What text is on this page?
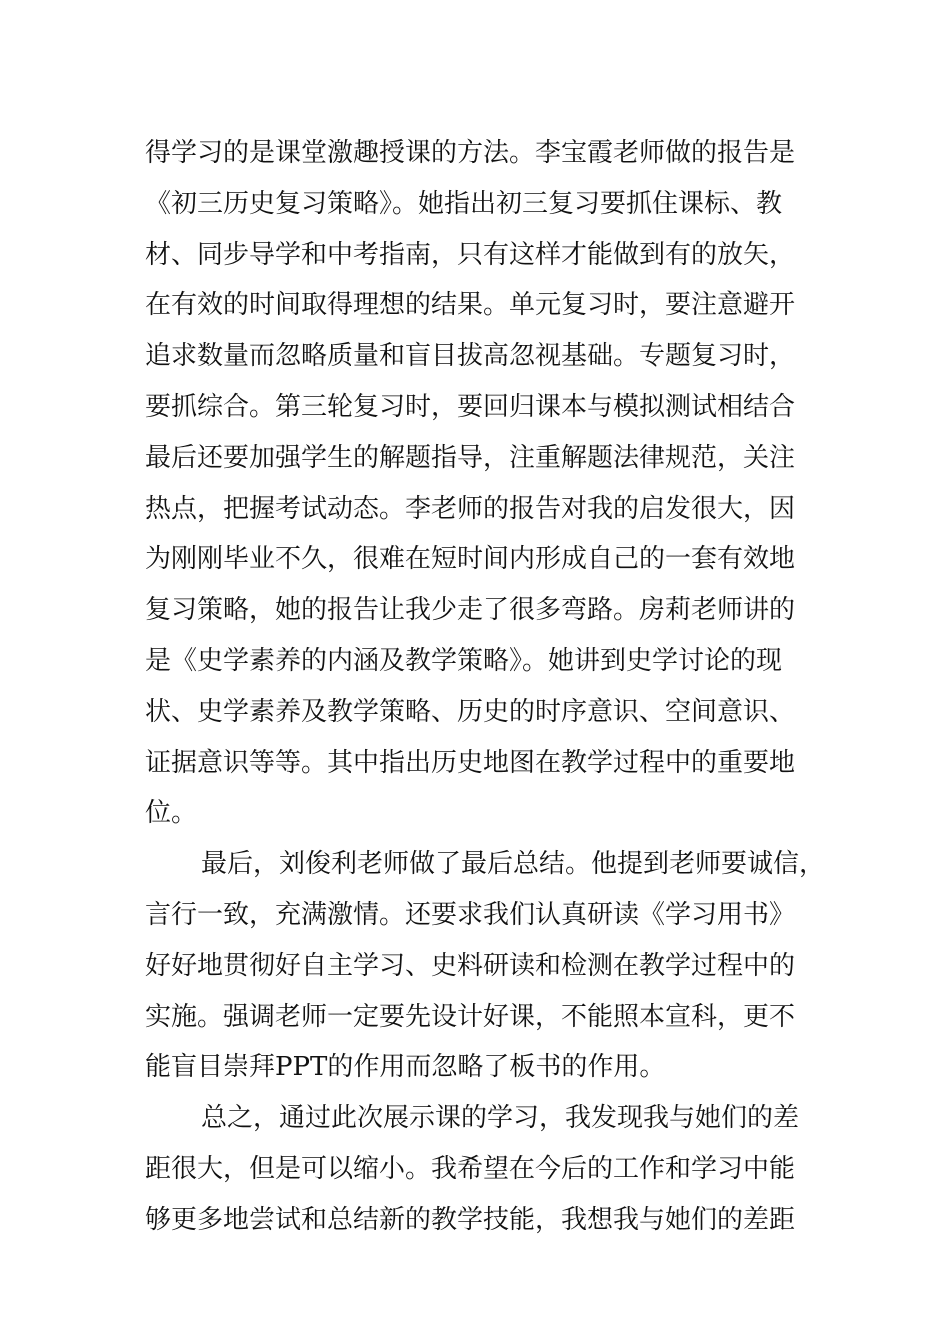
得学习的是课堂激趣授课的方法。李宝霞老师做的报告是
《初三历史复习策略》。她指出初三复习要抓住课标、教
材、同步导学和中考指南，只有这样才能做到有的放矢，
在有效的时间取得理想的结果。单元复习时，要注意避开
追求数量而忽略质量和盲目拔高忽视基础。专题复习时，
要抓综合。第三轮复习时，要回归课本与模拟测试相结合
最后还要加强学生的解题指导，注重解题法律规范，关注
热点，把握考试动态。李老师的报告对我的启发很大，因
为刚刚毕业不久，很难在短时间内形成自己的一套有效地
复习策略，她的报告让我少走了很多弯路。房莉老师讲的
是《史学素养的内涵及教学策略》。她讲到史学讨论的现
状、史学素养及教学策略、历史的时序意识、空间意识、
证据意识等等。其中指出历史地图在教学过程中的重要地
位。
最后，刘俊利老师做了最后总结。他提到老师要诚信，
言行一致，充满激情。还要求我们认真研读《学习用书》
好好地贯彻好自主学习、史料研读和检测在教学过程中的
实施。强调老师一定要先设计好课，不能照本宣科，更不
能盲目崇拜PPT的作用而忽略了板书的作用。
总之，通过此次展示课的学习，我发现我与她们的差
距很大，但是可以缩小。我希望在今后的工作和学习中能
够更多地尝试和总结新的教学技能，我想我与她们的差距
